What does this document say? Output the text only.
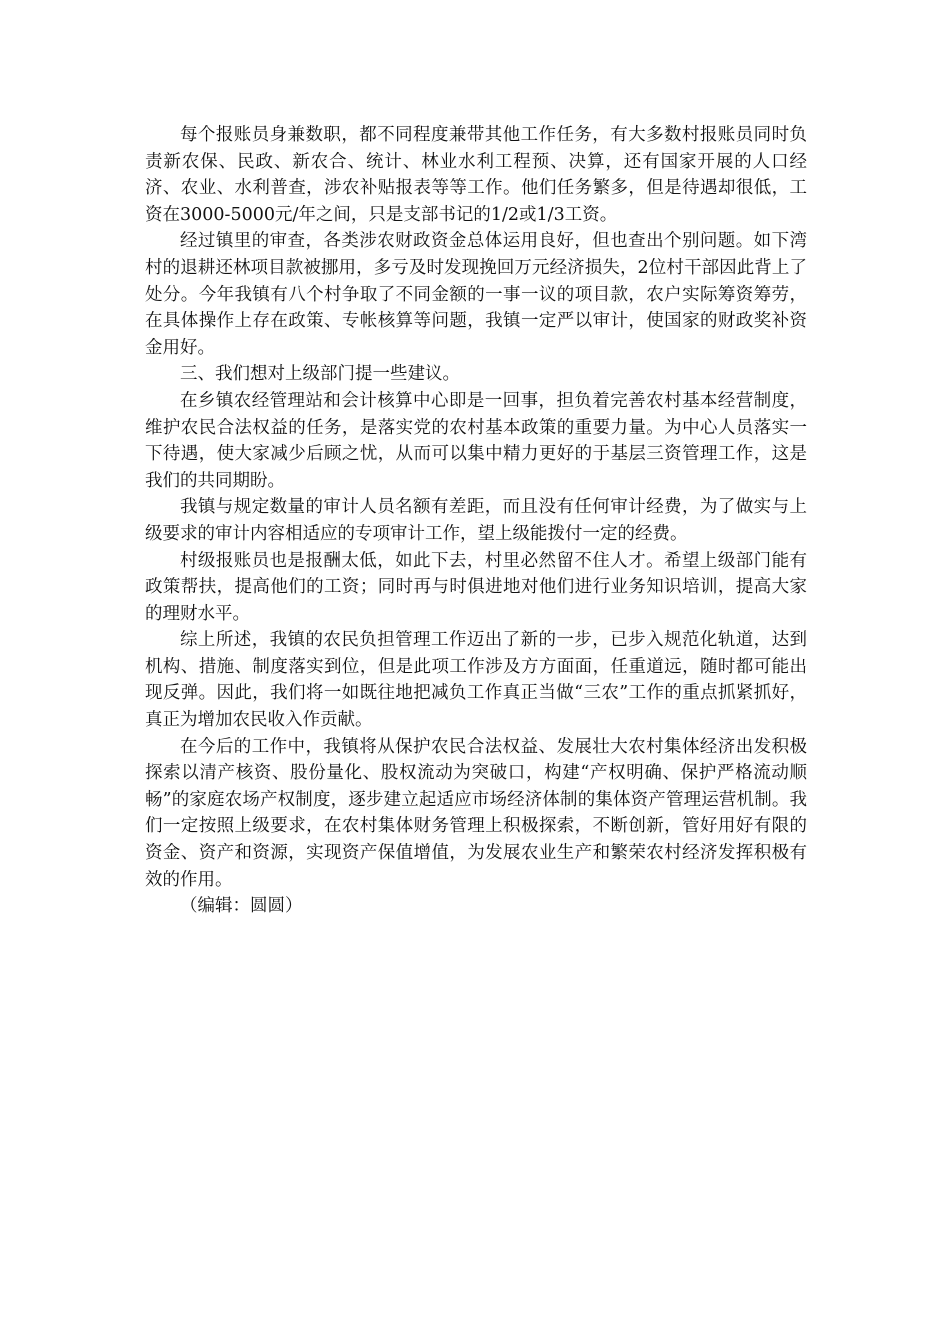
每个报账员身兼数职，都不同程度兼带其他工作任务，有大多数村报账员同时负责新农保、民政、新农合、统计、林业水利工程预、决算，还有国家开展的人口经济、农业、水利普查，涉农补贴报表等等工作。他们任务繁多，但是待遇却很低，工资在3000-5000元/年之间，只是支部书记的1/2或1/3工资。

经过镇里的审查，各类涉农财政资金总体运用良好，但也查出个别问题。如下湾村的退耕还林项目款被挪用，多亏及时发现挽回万元经济损失，2位村干部因此背上了处分。今年我镇有八个村争取了不同金额的一事一议的项目款，农户实际筹资筹劳，在具体操作上存在政策、专帐核算等问题，我镇一定严以审计，使国家的财政奖补资金用好。

三、我们想对上级部门提一些建议。

在乡镇农经管理站和会计核算中心即是一回事，担负着完善农村基本经营制度，维护农民合法权益的任务，是落实党的农村基本政策的重要力量。为中心人员落实一下待遇，使大家减少后顾之忧，从而可以集中精力更好的于基层三资管理工作，这是我们的共同期盼。

我镇与规定数量的审计人员名额有差距，而且没有任何审计经费，为了做实与上级要求的审计内容相适应的专项审计工作，望上级能拨付一定的经费。

村级报账员也是报酬太低，如此下去，村里必然留不住人才。希望上级部门能有政策帮扶，提高他们的工资；同时再与时俱进地对他们进行业务知识培训，提高大家的理财水平。

综上所述，我镇的农民负担管理工作迈出了新的一步，已步入规范化轨道，达到机构、措施、制度落实到位，但是此项工作涉及方方面面，任重道远，随时都可能出现反弹。因此，我们将一如既往地把减负工作真正当做“三农”工作的重点抓紧抓好，真正为增加农民收入作贡献。

在今后的工作中，我镇将从保护农民合法权益、发展壮大农村集体经济出发积极探索以清产核资、股份量化、股权流动为突破口，构建“产权明确、保护严格流动顺畅”的家庭农场产权制度，逐步建立起适应市场经济体制的集体资产管理运营机制。我们一定按照上级要求，在农村集体财务管理上积极探索，不断创新，管好用好有限的资金、资产和资源，实现资产保值增值，为发展农业生产和繁荣农村经济发挥积极有效的作用。

（编辑：圆圆）
